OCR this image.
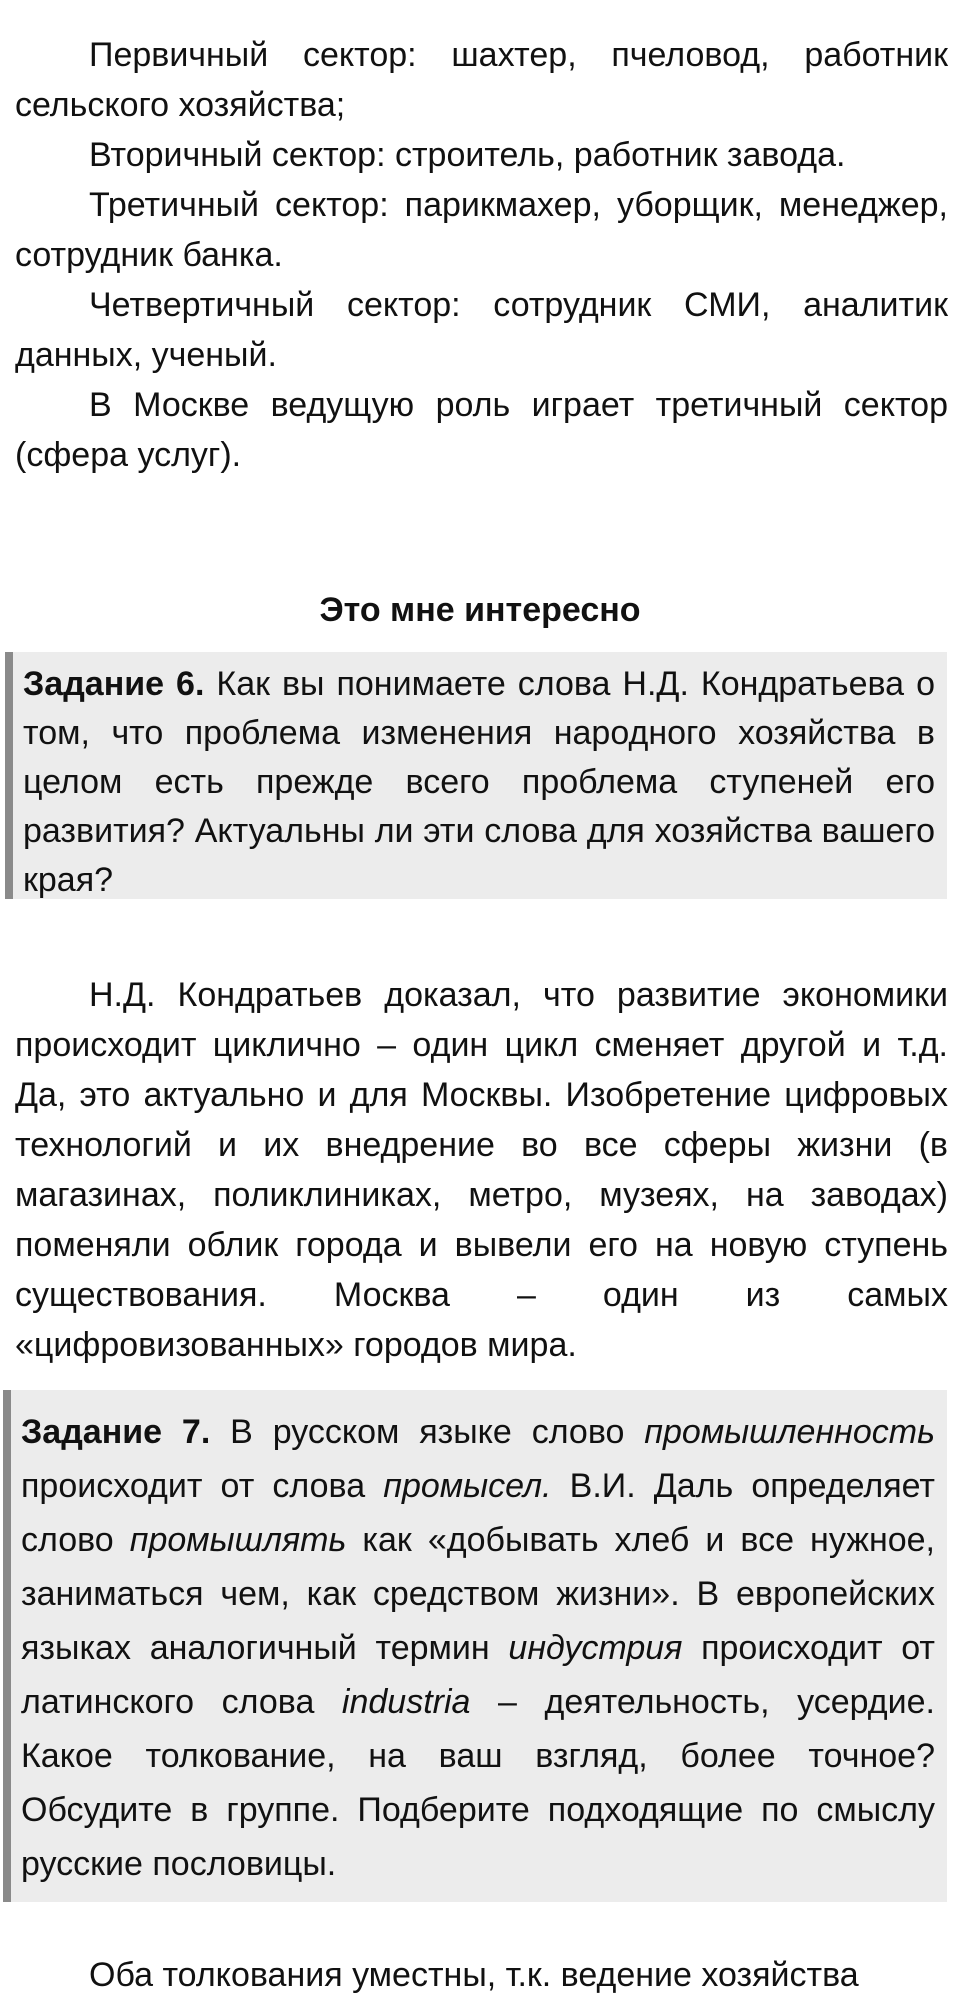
Первичный сектор: шахтер, пчеловод, работник сельского хозяйства;

Вторичный сектор: строитель, работник завода.

Третичный сектор: парикмахер, уборщик, менеджер, сотрудник банка.

Четвертичный сектор: сотрудник СМИ, аналитик данных, ученый.

В Москве ведущую роль играет третичный сектор (сфера услуг).

Это мне интересно

Задание 6. Как вы понимаете слова Н.Д. Кондратьева о том, что проблема изменения народного хозяйства в целом есть прежде всего проблема ступеней его развития? Актуальны ли эти слова для хозяйства вашего края?

Н.Д. Кондратьев доказал, что развитие экономики происходит циклично – один цикл сменяет другой и т.д. Да, это актуально и для Москвы. Изобретение цифровых технологий и их внедрение во все сферы жизни (в магазинах, поликлиниках, метро, музеях, на заводах) поменяли облик города и вывели его на новую ступень существования. Москва – один из самых «цифровизованных» городов мира.

Задание 7. В русском языке слово промышленность происходит от слова промысел. В.И. Даль определяет слово промышлять как «добывать хлеб и все нужное, заниматься чем, как средством жизни». В европейских языках аналогичный термин индустрия происходит от латинского слова industria – деятельность, усердие. Какое толкование, на ваш взгляд, более точное? Обсудите в группе. Подберите подходящие по смыслу русские пословицы.

Оба толкования уместны, т.к. ведение хозяйства
